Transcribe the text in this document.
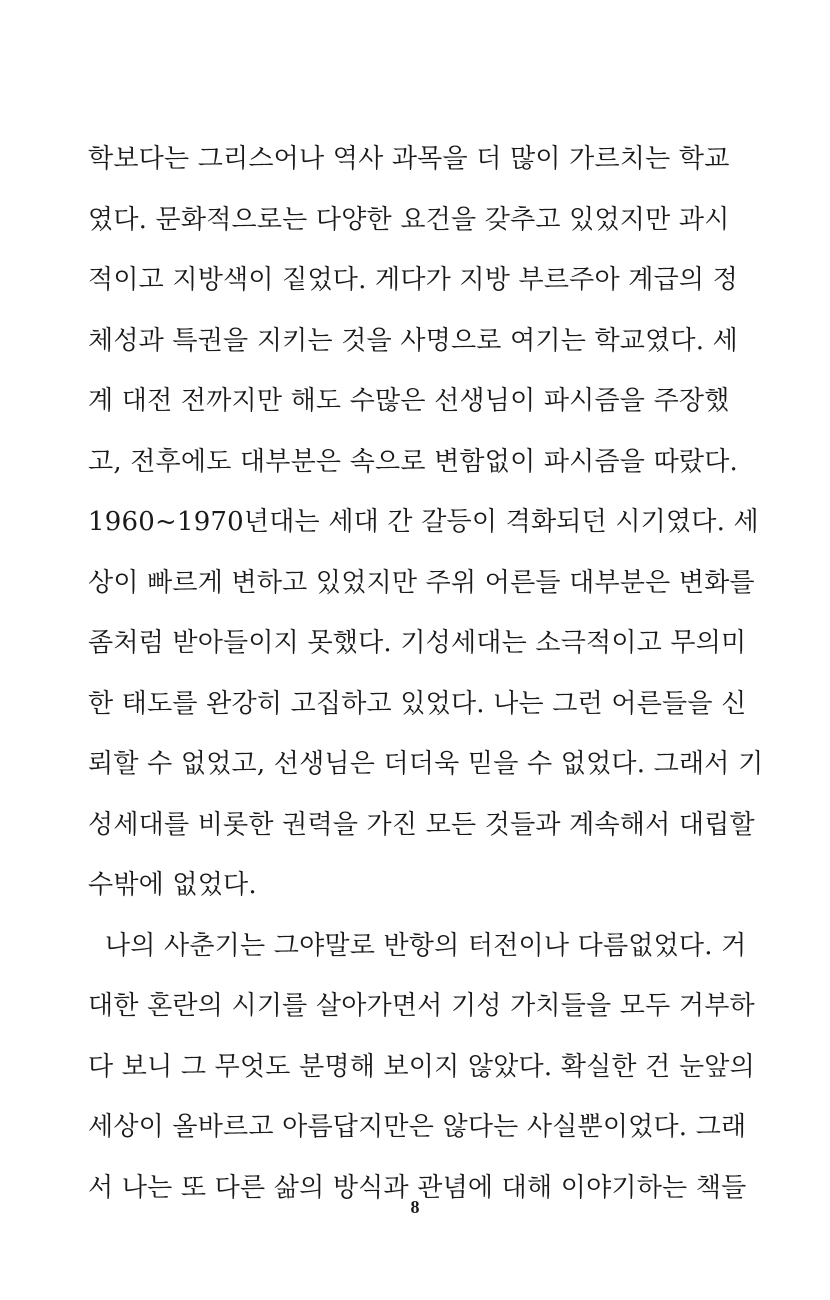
학보다는 그리스어나 역사 과목을 더 많이 가르치는 학교
였다. 문화적으로는 다양한 요건을 갖추고 있었지만 과시
적이고 지방색이 짙었다. 게다가 지방 부르주아 계급의 정
체성과 특권을 지키는 것을 사명으로 여기는 학교였다. 세
계 대전 전까지만 해도 수많은 선생님이 파시즘을 주장했
고, 전후에도 대부분은 속으로 변함없이 파시즘을 따랐다.
1960~1970년대는 세대 간 갈등이 격화되던 시기였다. 세
상이 빠르게 변하고 있었지만 주위 어른들 대부분은 변화를
좀처럼 받아들이지 못했다. 기성세대는 소극적이고 무의미
한 태도를 완강히 고집하고 있었다. 나는 그런 어른들을 신
뢰할 수 없었고, 선생님은 더더욱 믿을 수 없었다. 그래서 기
성세대를 비롯한 권력을 가진 모든 것들과 계속해서 대립할
수밖에 없었다.
나의 사춘기는 그야말로 반항의 터전이나 다름없었다. 거
대한 혼란의 시기를 살아가면서 기성 가치들을 모두 거부하
다 보니 그 무엇도 분명해 보이지 않았다. 확실한 건 눈앞의
세상이 올바르고 아름답지만은 않다는 사실뿐이었다. 그래
서 나는 또 다른 삶의 방식과 관념에 대해 이야기하는 책들
8
